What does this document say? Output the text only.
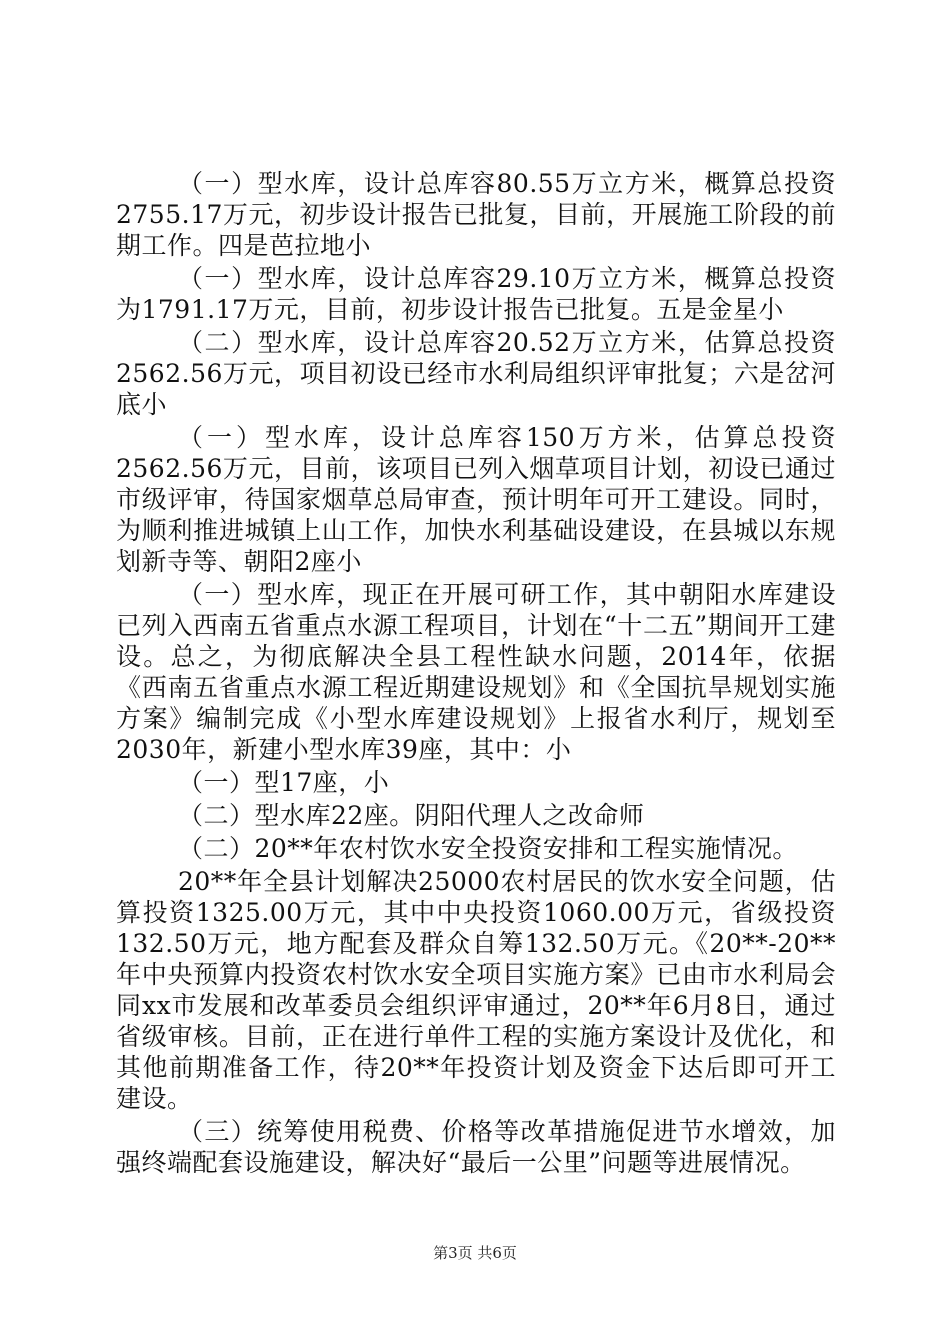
（一）型水库，设计总库容80.55万立方米，概算总投资2755.17万元，初步设计报告已批复，目前，开展施工阶段的前期工作。四是芭拉地小

（一）型水库，设计总库容29.10万立方米，概算总投资为1791.17万元，目前，初步设计报告已批复。五是金星小

（二）型水库，设计总库容20.52万立方米，估算总投资2562.56万元，项目初设已经市水利局组织评审批复；六是岔河底小

（一）型水库，设计总库容150万方米，估算总投资2562.56万元，目前，该项目已列入烟草项目计划，初设已通过市级评审，待国家烟草总局审查，预计明年可开工建设。同时，为顺利推进城镇上山工作，加快水利基础设建设，在县城以东规划新寺等、朝阳2座小

（一）型水库，现正在开展可研工作，其中朝阳水库建设已列入西南五省重点水源工程项目，计划在“十二五”期间开工建设。总之，为彻底解决全县工程性缺水问题，2014年，依据《西南五省重点水源工程近期建设规划》和《全国抗旱规划实施方案》编制完成《小型水库建设规划》上报省水利厅，规划至2030年，新建小型水库39座，其中：小

（一）型17座，小

（二）型水库22座。阴阳代理人之改命师

（二）20**年农村饮水安全投资安排和工程实施情况。

20**年全县计划解决25000农村居民的饮水安全问题，估算投资1325.00万元，其中中央投资1060.00万元，省级投资132.50万元，地方配套及群众自筹132.50万元。《20**-20**年中央预算内投资农村饮水安全项目实施方案》已由市水利局会同xx市发展和改革委员会组织评审通过，20**年6月8日，通过省级审核。目前，正在进行单件工程的实施方案设计及优化，和其他前期准备工作，待20**年投资计划及资金下达后即可开工建设。

（三）统筹使用税费、价格等改革措施促进节水增效，加强终端配套设施建设，解决好“最后一公里”问题等进展情况。

第3页 共6页
